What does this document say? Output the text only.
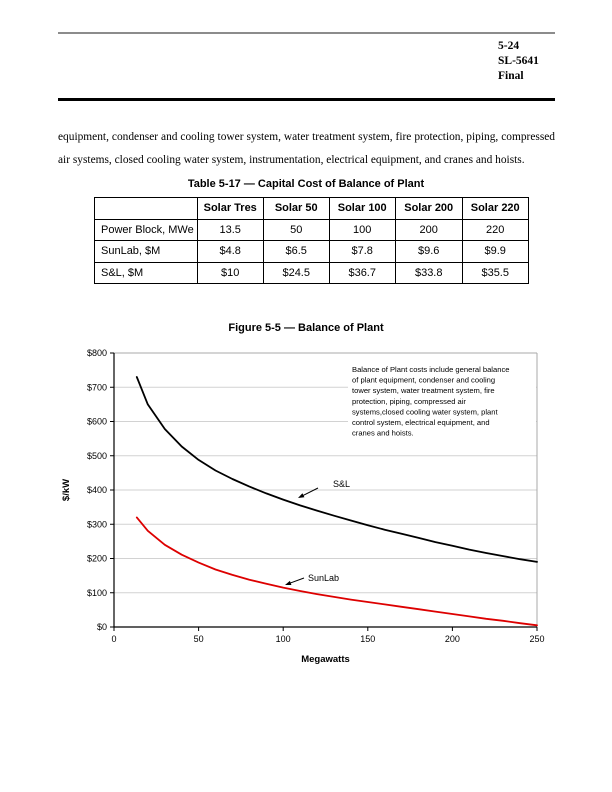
5-24
SL-5641
Final

equipment, condenser and cooling tower system, water treatment system, fire protection, piping, compressed air systems, closed cooling water system, instrumentation, electrical equipment, and cranes and hoists.

Table 5-17 — Capital Cost of Balance of Plant
	Solar Tres	Solar 50	Solar 100	Solar 200	Solar 220
Power Block, MWe	13.5	50	100	200	220
SunLab, $M	$4.8	$6.5	$7.8	$9.6	$9.9
S&L, $M	$10	$24.5	$36.7	$33.8	$35.5
Figure 5-5 — Balance of Plant
Balance of Plant costs include general balance
of plant equipment, condenser and cooling
tower system, water treatment system, fire
protection, piping, compressed air
systems,closed cooling water system, plant
control system, electrical equipment, and
cranes and hoists.
$0
$100
$200
$300
$400
$500
$600
$700
$800
0	50	100	150	200	250
Megawatts
$/kW	S&L
SunLab
